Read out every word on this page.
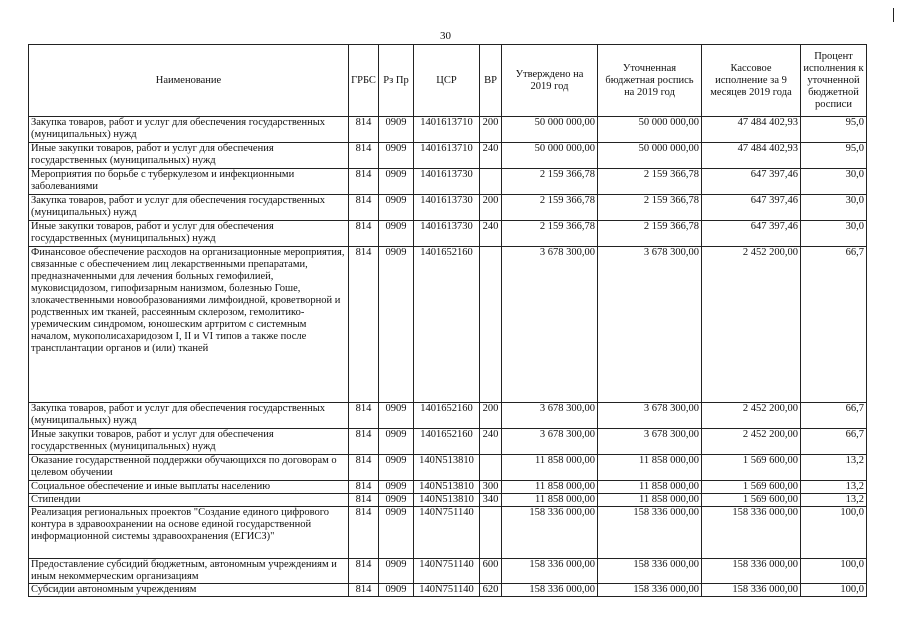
30
Наименование	ГРБС	Рз Пр	ЦСР	ВР	Утверждено на 2019 год	Уточненная бюджетная роспись на 2019 год	Кассовое исполнение за 9 месяцев 2019 года	Процент исполнения к уточненной бюджетной росписи
Закупка товаров, работ и услуг для обеспечения государственных (муниципальных) нужд	814	0909	1401613710	200	50 000 000,00	50 000 000,00	47 484 402,93	95,0
Иные закупки товаров, работ и услуг для обеспечения государственных (муниципальных) нужд	814	0909	1401613710	240	50 000 000,00	50 000 000,00	47 484 402,93	95,0
Мероприятия по борьбе с туберкулезом и инфекционными заболеваниями	814	0909	1401613730		2 159 366,78	2 159 366,78	647 397,46	30,0
Закупка товаров, работ и услуг для обеспечения государственных (муниципальных) нужд	814	0909	1401613730	200	2 159 366,78	2 159 366,78	647 397,46	30,0
Иные закупки товаров, работ и услуг для обеспечения государственных (муниципальных) нужд	814	0909	1401613730	240	2 159 366,78	2 159 366,78	647 397,46	30,0
Финансовое обеспечение расходов на организационные мероприятия, связанные с обеспечением лиц лекарственными препаратами, предназначенными для лечения больных гемофилией, муковисцидозом, гипофизарным нанизмом, болезнью Гоше, злокачественными новообразованиями лимфоидной, кроветворной и родственных им тканей, рассеянным склерозом, гемолитико-уремическим синдромом, юношеским артритом с системным началом, мукополисахаридозом I, II и VI типов а также после трансплантации органов и (или) тканей	814	0909	1401652160		3 678 300,00	3 678 300,00	2 452 200,00	66,7
Закупка товаров, работ и услуг для обеспечения государственных (муниципальных) нужд	814	0909	1401652160	200	3 678 300,00	3 678 300,00	2 452 200,00	66,7
Иные закупки товаров, работ и услуг для обеспечения государственных (муниципальных) нужд	814	0909	1401652160	240	3 678 300,00	3 678 300,00	2 452 200,00	66,7
Оказание государственной поддержки обучающихся по договорам о целевом обучении	814	0909	140N513810		11 858 000,00	11 858 000,00	1 569 600,00	13,2
Социальное обеспечение и иные выплаты населению	814	0909	140N513810	300	11 858 000,00	11 858 000,00	1 569 600,00	13,2
Стипендии	814	0909	140N513810	340	11 858 000,00	11 858 000,00	1 569 600,00	13,2
Реализация региональных проектов "Создание единого цифрового контура в здравоохранении на основе единой государственной информационной системы здравоохранения (ЕГИСЗ)"	814	0909	140N751140		158 336 000,00	158 336 000,00	158 336 000,00	100,0
Предоставление субсидий бюджетным, автономным учреждениям и иным некоммерческим организациям	814	0909	140N751140	600	158 336 000,00	158 336 000,00	158 336 000,00	100,0
Субсидии автономным учреждениям	814	0909	140N751140	620	158 336 000,00	158 336 000,00	158 336 000,00	100,0
